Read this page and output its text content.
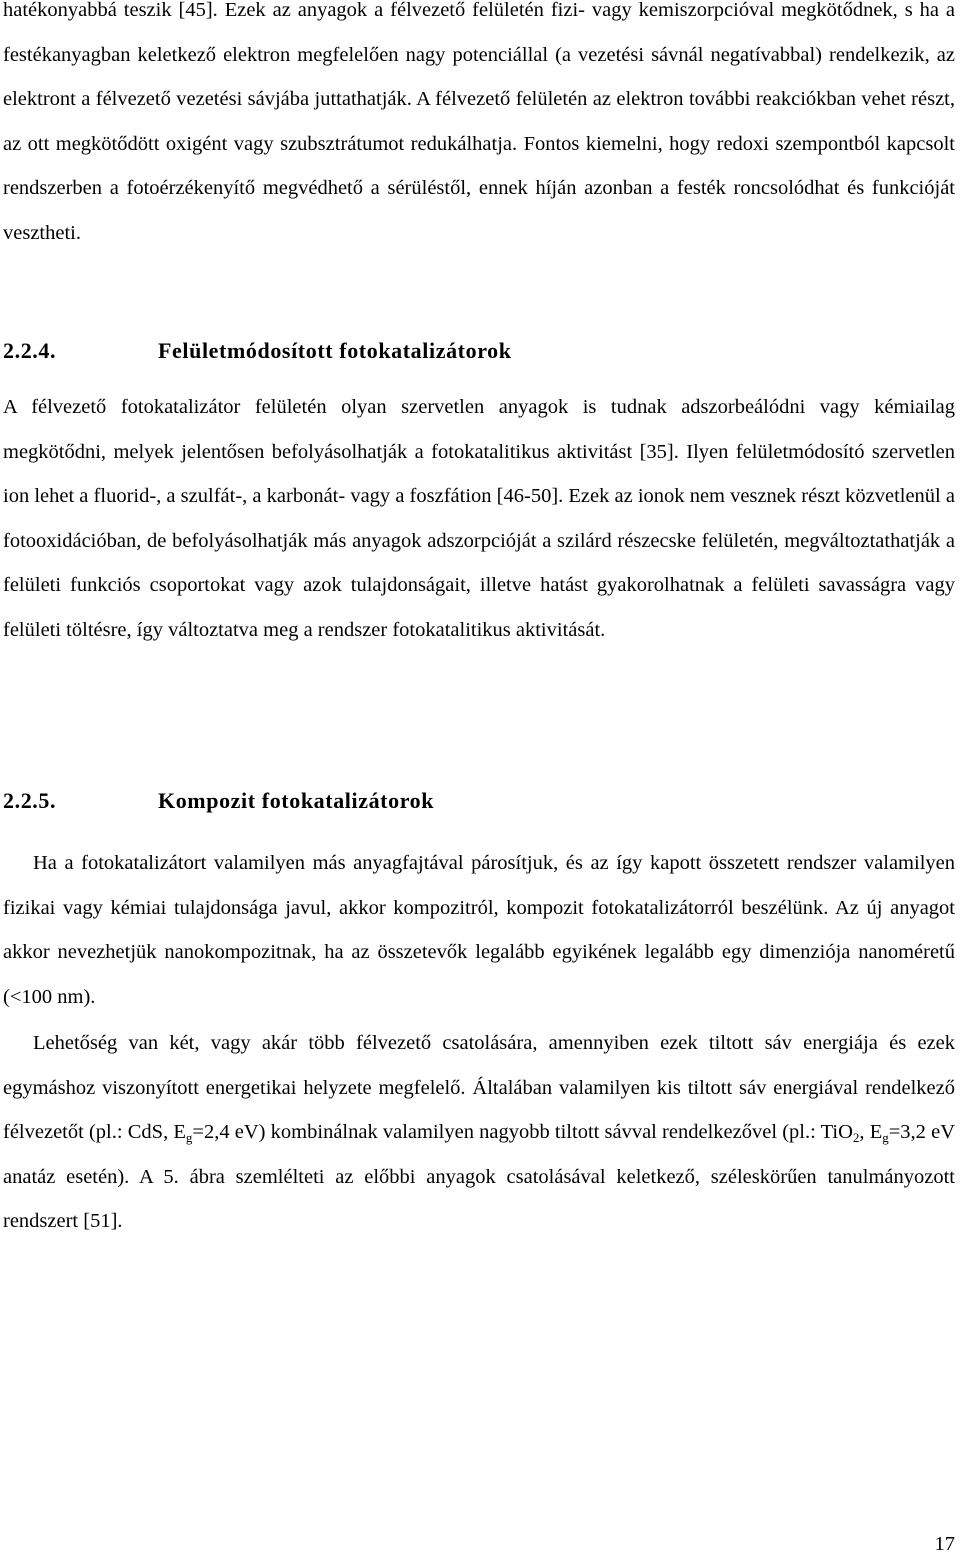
hatékonyabbá teszik [45]. Ezek az anyagok a félvezető felületén fizi- vagy kemiszorpcióval megkötődnek, s ha a festékanyagban keletkező elektron megfelelően nagy potenciállal (a vezetési sávnál negatívabbal) rendelkezik, az elektront a félvezető vezetési sávjába juttathatják. A félvezető felületén az elektron további reakciókban vehet részt, az ott megkötődött oxigént vagy szubsztrátumot redukálhatja. Fontos kiemelni, hogy redoxi szempontból kapcsolt rendszerben a fotoérzékenyítő megvédhető a sérüléstől, ennek híján azonban a festék roncsolódhat és funkcióját vesztheti.

2.2.4.	Felületmódosított fotokatalizátorok

A félvezető fotokatalizátor felületén olyan szervetlen anyagok is tudnak adszorbeálódni vagy kémiailag megkötődni, melyek jelentősen befolyásolhatják a fotokatalitikus aktivitást [35]. Ilyen felületmódosító szervetlen ion lehet a fluorid-, a szulfát-, a karbonát- vagy a foszfátion [46-50]. Ezek az ionok nem vesznek részt közvetlenül a fotooxidációban, de befolyásolhatják más anyagok adszorpcióját a szilárd részecske felületén, megváltoztathatják a felületi funkciós csoportokat vagy azok tulajdonságait, illetve hatást gyakorolhatnak a felületi savasságra vagy felületi töltésre, így változtatva meg a rendszer fotokatalitikus aktivitását.

2.2.5.	Kompozit fotokatalizátorok

Ha a fotokatalizátort valamilyen más anyagfajtával párosítjuk, és az így kapott összetett rendszer valamilyen fizikai vagy kémiai tulajdonsága javul, akkor kompozitról, kompozit fotokatalizátorról beszélünk. Az új anyagot akkor nevezhetjük nanokompozitnak, ha az összetevők legalább egyikének legalább egy dimenziója nanoméretű (<100 nm).

Lehetőség van két, vagy akár több félvezető csatolására, amennyiben ezek tiltott sáv energiája és ezek egymáshoz viszonyított energetikai helyzete megfelelő. Általában valamilyen kis tiltott sáv energiával rendelkező félvezetőt (pl.: CdS, $E_g=2,4$ eV) kombinálnak valamilyen nagyobb tiltott sávval rendelkezővel (pl.: TiO$_2$, $E_g=3,2$ eV anatáz esetén). A 5. ábra szemlélteti az előbbi anyagok csatolásával keletkező, széleskörűen tanulmányozott rendszert [51].

17
